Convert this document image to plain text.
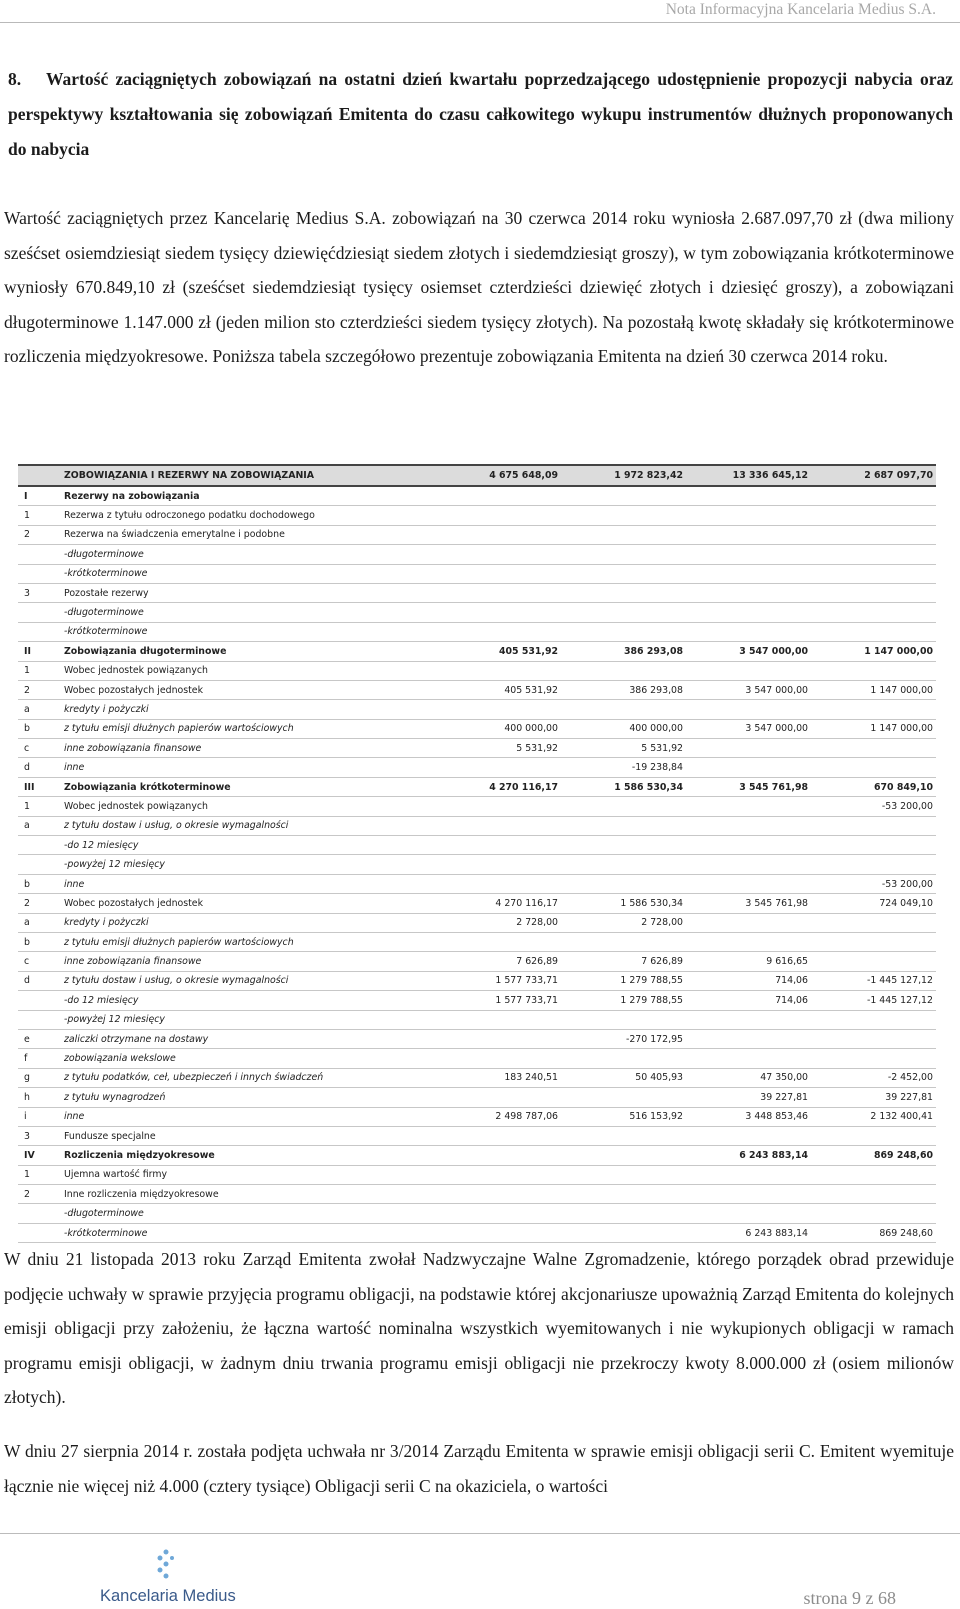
Nota Informacyjna Kancelaria Medius S.A.
8. Wartość zaciągniętych zobowiązań na ostatni dzień kwartału poprzedzającego udostępnienie propozycji nabycia oraz perspektywy kształtowania się zobowiązań Emitenta do czasu całkowitego wykupu instrumentów dłużnych proponowanych do nabycia
Wartość zaciągniętych przez Kancelarię Medius S.A. zobowiązań na 30 czerwca 2014 roku wyniosła 2.687.097,70 zł (dwa miliony sześćset osiemdziesiąt siedem tysięcy dziewięćdziesiąt siedem złotych i siedemdziesiąt groszy), w tym zobowiązania krótkoterminowe wyniosły 670.849,10 zł (sześćset siedemdziesiąt tysięcy osiemset czterdzieści dziewięć złotych i dziesięć groszy), a zobowiązani długoterminowe 1.147.000 zł (jeden milion sto czterdzieści siedem tysięcy złotych). Na pozostałą kwotę składały się krótkoterminowe rozliczenia międzyokresowe. Poniższa tabela szczegółowo prezentuje zobowiązania Emitenta na dzień 30 czerwca 2014 roku.
	ZOBOWIĄZANIA I REZERWY NA ZOBOWIĄZANIA	4 675 648,09	1 972 823,42	13 336 645,12	2 687 097,70
I	Rezerwy na zobowiązania				
1	Rezerwa z tytułu odroczonego podatku dochodowego				
2	Rezerwa na świadczenia emerytalne i podobne				
	-długoterminowe				
	-krótkoterminowe				
3	Pozostałe rezerwy				
	-długoterminowe				
	-krótkoterminowe				
II	Zobowiązania długoterminowe	405 531,92	386 293,08	3 547 000,00	1 147 000,00
1	Wobec jednostek powiązanych				
2	Wobec pozostałych jednostek	405 531,92	386 293,08	3 547 000,00	1 147 000,00
a	kredyty i pożyczki				
b	z tytułu emisji dłużnych papierów wartościowych	400 000,00	400 000,00	3 547 000,00	1 147 000,00
c	inne zobowiązania finansowe	5 531,92	5 531,92		
d	inne		-19 238,84		
III	Zobowiązania krótkoterminowe	4 270 116,17	1 586 530,34	3 545 761,98	670 849,10
1	Wobec jednostek powiązanych				-53 200,00
a	z tytułu dostaw i usług, o okresie wymagalności				
	-do 12 miesięcy				
	-powyżej 12 miesięcy				
b	inne				-53 200,00
2	Wobec pozostałych jednostek	4 270 116,17	1 586 530,34	3 545 761,98	724 049,10
a	kredyty i pożyczki	2 728,00	2 728,00		
b	z tytułu emisji dłużnych papierów wartościowych				
c	inne zobowiązania finansowe	7 626,89	7 626,89	9 616,65	
d	z tytułu dostaw i usług, o okresie wymagalności	1 577 733,71	1 279 788,55	714,06	-1 445 127,12
	-do 12 miesięcy	1 577 733,71	1 279 788,55	714,06	-1 445 127,12
	-powyżej 12 miesięcy				
e	zaliczki otrzymane na dostawy		-270 172,95		
f	zobowiązania wekslowe				
g	z tytułu podatków, ceł, ubezpieczeń i innych świadczeń	183 240,51	50 405,93	47 350,00	-2 452,00
h	z tytułu wynagrodzeń			39 227,81	39 227,81
i	inne	2 498 787,06	516 153,92	3 448 853,46	2 132 400,41
3	Fundusze specjalne				
IV	Rozliczenia międzyokresowe			6 243 883,14	869 248,60
1	Ujemna wartość firmy				
2	Inne rozliczenia międzyokresowe				
	-długoterminowe				
	-krótkoterminowe			6 243 883,14	869 248,60
W dniu 21 listopada 2013 roku Zarząd Emitenta zwołał Nadzwyczajne Walne Zgromadzenie, którego porządek obrad przewiduje podjęcie uchwały w sprawie przyjęcia programu obligacji, na podstawie której akcjonariusze upoważnią Zarząd Emitenta do kolejnych emisji obligacji przy założeniu, że łączna wartość nominalna wszystkich wyemitowanych i nie wykupionych obligacji w ramach programu emisji obligacji, w żadnym dniu trwania programu emisji obligacji nie przekroczy kwoty 8.000.000 zł (osiem milionów złotych).
W dniu 27 sierpnia 2014 r. została podjęta uchwała nr 3/2014 Zarządu Emitenta w sprawie emisji obligacji serii C. Emitent wyemituje łącznie nie więcej niż 4.000 (cztery tysiące) Obligacji serii C na okaziciela, o wartości
Kancelaria Medius	strona 9 z 68
